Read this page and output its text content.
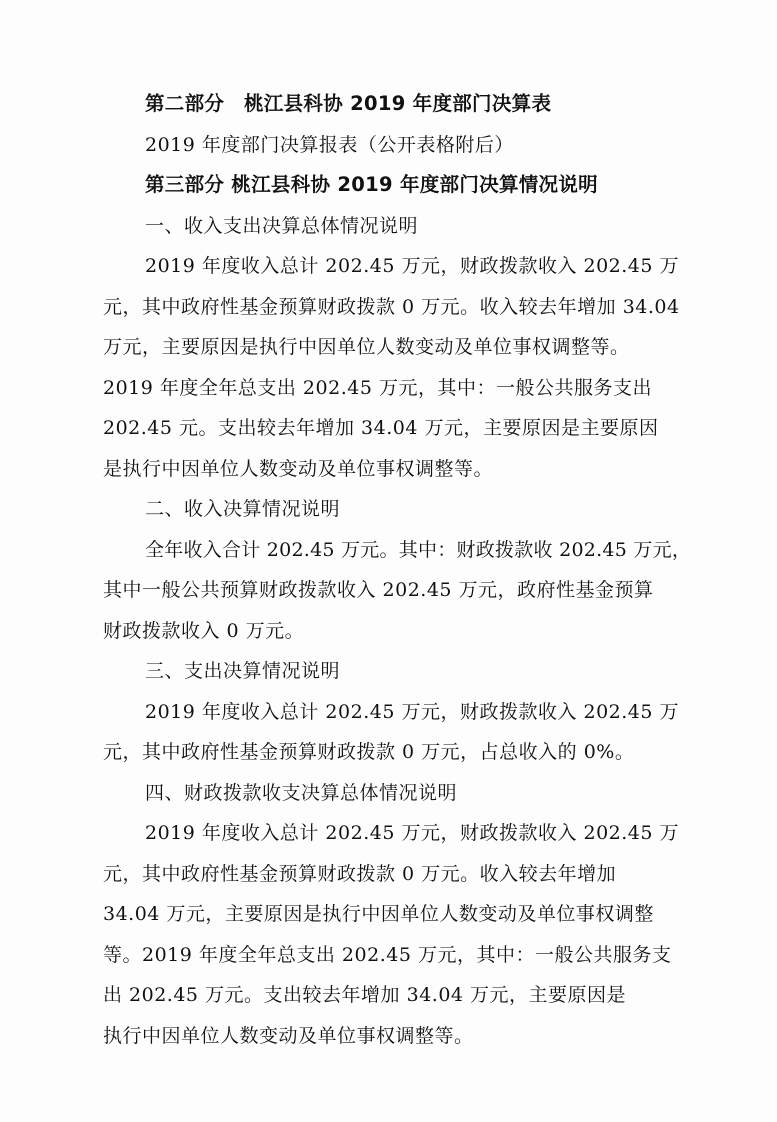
第二部分　桃江县科协 2019 年度部门决算表
2019 年度部门决算报表（公开表格附后）
第三部分 桃江县科协 2019 年度部门决算情况说明
一、收入支出决算总体情况说明
2019 年度收入总计 202.45 万元，财政拨款收入 202.45 万
元，其中政府性基金预算财政拨款 0 万元。收入较去年增加 34.04
万元，主要原因是执行中因单位人数变动及单位事权调整等。
2019 年度全年总支出 202.45 万元，其中：一般公共服务支出
202.45 元。支出较去年增加 34.04 万元，主要原因是主要原因
是执行中因单位人数变动及单位事权调整等。
二、收入决算情况说明
全年收入合计 202.45 万元。其中：财政拨款收 202.45 万元，
其中一般公共预算财政拨款收入 202.45 万元，政府性基金预算
财政拨款收入 0 万元。
三、支出决算情况说明
2019 年度收入总计 202.45 万元，财政拨款收入 202.45 万
元，其中政府性基金预算财政拨款 0 万元，占总收入的 0%。
四、财政拨款收支决算总体情况说明
2019 年度收入总计 202.45 万元，财政拨款收入 202.45 万
元，其中政府性基金预算财政拨款 0 万元。收入较去年增加
34.04 万元，主要原因是执行中因单位人数变动及单位事权调整
等。2019 年度全年总支出 202.45 万元，其中：一般公共服务支
出 202.45 万元。支出较去年增加 34.04 万元，主要原因是
执行中因单位人数变动及单位事权调整等。
